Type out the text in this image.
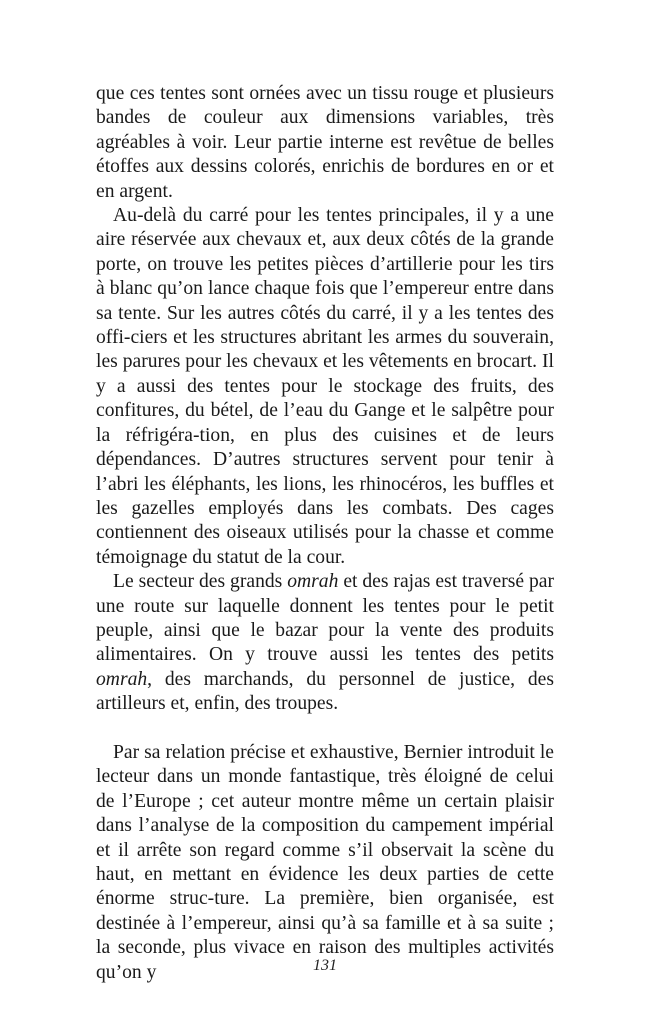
que ces tentes sont ornées avec un tissu rouge et plusieurs bandes de couleur aux dimensions variables, très agréables à voir. Leur partie interne est revêtue de belles étoffes aux dessins colorés, enrichis de bordures en or et en argent.

Au-delà du carré pour les tentes principales, il y a une aire réservée aux chevaux et, aux deux côtés de la grande porte, on trouve les petites pièces d’artillerie pour les tirs à blanc qu’on lance chaque fois que l’empereur entre dans sa tente. Sur les autres côtés du carré, il y a les tentes des offi-ciers et les structures abritant les armes du souverain, les parures pour les chevaux et les vêtements en brocart. Il y a aussi des tentes pour le stockage des fruits, des confitures, du bétel, de l’eau du Gange et le salpêtre pour la réfrigéra-tion, en plus des cuisines et de leurs dépendances. D’autres structures servent pour tenir à l’abri les éléphants, les lions, les rhinocéros, les buffles et les gazelles employés dans les combats. Des cages contiennent des oiseaux utilisés pour la chasse et comme témoignage du statut de la cour.

Le secteur des grands omrah et des rajas est traversé par une route sur laquelle donnent les tentes pour le petit peuple, ainsi que le bazar pour la vente des produits alimentaires. On y trouve aussi les tentes des petits omrah, des marchands, du personnel de justice, des artilleurs et, enfin, des troupes.

Par sa relation précise et exhaustive, Bernier introduit le lecteur dans un monde fantastique, très éloigné de celui de l’Europe ; cet auteur montre même un certain plaisir dans l’analyse de la composition du campement impérial et il arrête son regard comme s’il observait la scène du haut, en mettant en évidence les deux parties de cette énorme struc-ture. La première, bien organisée, est destinée à l’empereur, ainsi qu’à sa famille et à sa suite ; la seconde, plus vivace en raison des multiples activités qu’on y	131
